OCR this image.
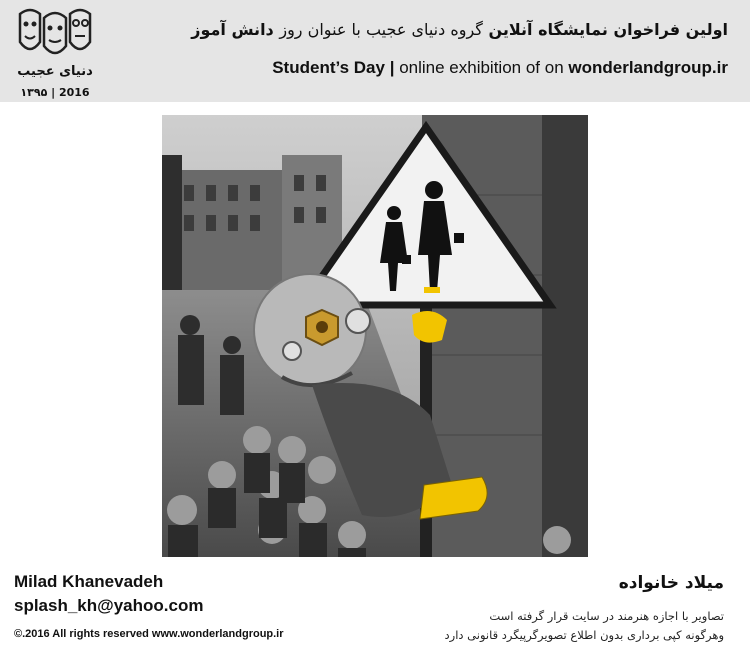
دنیای عجیب
۱۳۹۵ | 2016
اولین فراخوان نمایشگاه آنلاین گروه دنیای عجیب با عنوان روز دانش آموز
Student’s Day | online exhibition of on wonderlandgroup.ir
Milad Khanevadeh
splash_kh@yahoo.com
©.2016 All rights reserved www.wonderlandgroup.ir
میلاد خانواده
تصاویر با اجازه هنرمند در سایت قرار گرفته است
وهرگونه کپی برداری بدون اطلاع تصویرگرپیگرد قانونی دارد
